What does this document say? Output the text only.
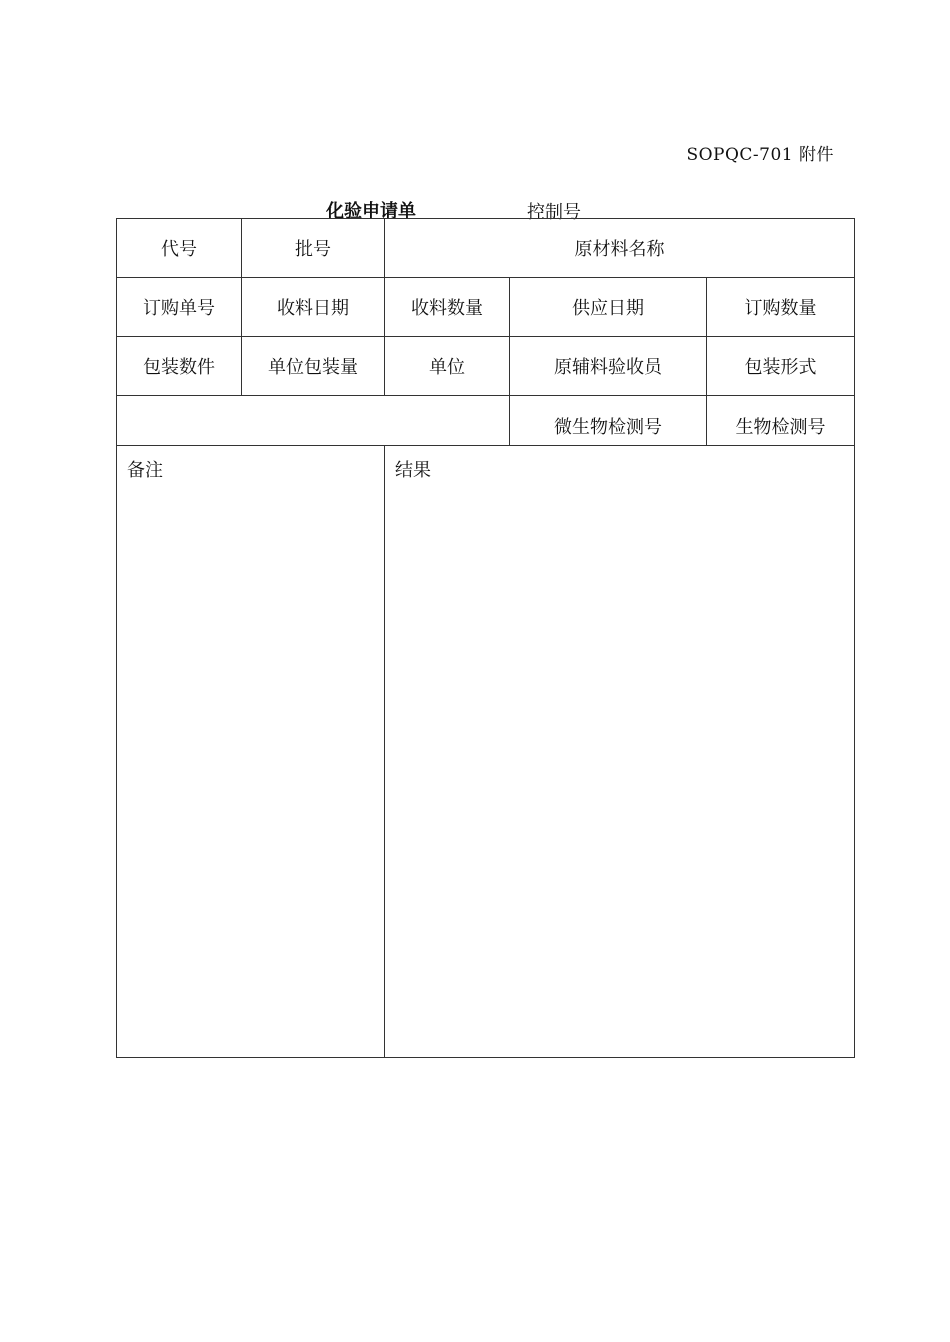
SOPQC-701 附件
化验申请单	控制号
代号	批号	原材料名称		
订购单号	收料日期	收料数量	供应日期	订购数量
包装数件	单位包装量	单位	原辅料验收员	包装形式
			微生物检测号	生物检测号
备注		结果		
